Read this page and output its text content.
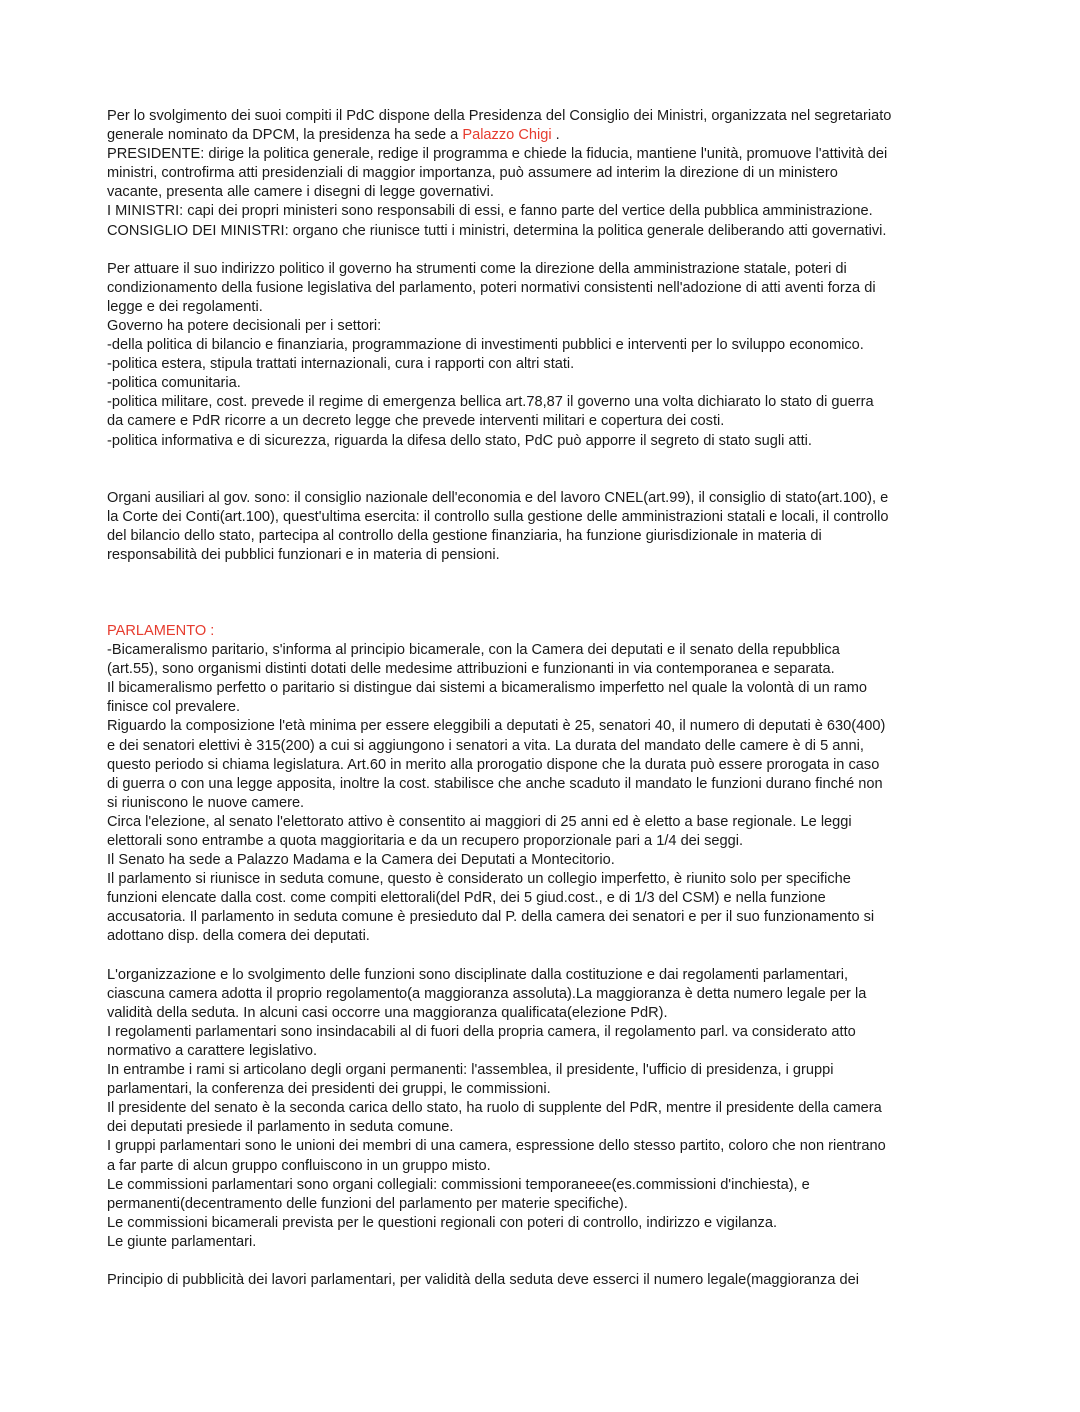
Per lo svolgimento dei suoi compiti il PdC dispone della Presidenza del Consiglio dei Ministri, organizzata nel segretariato
generale nominato da DPCM, la presidenza ha sede a Palazzo Chigi .
PRESIDENTE: dirige la politica generale, redige il programma e chiede la fiducia, mantiene l'unità, promuove l'attività dei
ministri, controfirma atti presidenziali di maggior importanza, può assumere ad interim la direzione di un ministero
vacante, presenta alle camere i disegni di legge governativi.
I MINISTRI: capi dei propri ministeri sono responsabili di essi, e fanno parte del vertice della pubblica amministrazione.
CONSIGLIO DEI MINISTRI: organo che riunisce tutti i ministri, determina la politica generale deliberando atti governativi.
Per attuare il suo indirizzo politico il governo ha strumenti come la direzione della amministrazione statale, poteri di
condizionamento della fusione legislativa del parlamento, poteri normativi consistenti nell'adozione di atti aventi forza di
legge e dei regolamenti.
Governo ha potere decisionali per i settori:
-della politica di bilancio e finanziaria, programmazione di investimenti pubblici e interventi per lo sviluppo economico.
-politica estera, stipula trattati internazionali, cura i rapporti con altri stati.
-politica comunitaria.
-politica militare, cost. prevede il regime di emergenza bellica art.78,87 il governo una volta dichiarato lo stato di guerra
da camere e PdR ricorre a un decreto legge che prevede interventi militari e copertura dei costi.
-politica informativa e di sicurezza, riguarda la difesa dello stato, PdC può apporre il segreto di stato sugli atti.
Organi ausiliari al gov. sono: il consiglio nazionale dell'economia e del lavoro CNEL(art.99), il consiglio di stato(art.100), e
la Corte dei Conti(art.100), quest'ultima esercita: il controllo sulla gestione delle amministrazioni statali e locali, il controllo
del bilancio dello stato, partecipa al controllo della gestione finanziaria, ha funzione giurisdizionale in materia di
responsabilità dei pubblici funzionari e in materia di pensioni.
PARLAMENTO :
-Bicameralismo paritario, s'informa al principio bicamerale, con la Camera dei deputati e il senato della repubblica
(art.55), sono organismi distinti dotati delle medesime attribuzioni e funzionanti in via contemporanea e separata.
Il bicameralismo perfetto o paritario si distingue dai sistemi a bicameralismo imperfetto nel quale la volontà di un ramo
finisce col prevalere.
Riguardo la composizione l'età minima per essere eleggibili a deputati è 25, senatori 40, il numero di deputati è 630(400)
e dei senatori elettivi è 315(200) a cui si aggiungono i senatori a vita. La durata del mandato delle camere è di 5 anni,
questo periodo si chiama legislatura. Art.60 in merito alla prorogatio dispone che la durata può essere prorogata in caso
di guerra o con una legge apposita, inoltre la cost. stabilisce che anche scaduto il mandato le funzioni durano finché non
si riuniscono le nuove camere.
Circa l'elezione, al senato l'elettorato attivo è consentito ai maggiori di 25 anni ed è eletto a base regionale. Le leggi
elettorali sono entrambe a quota maggioritaria e da un recupero proporzionale pari a 1/4 dei seggi.
Il Senato ha sede a Palazzo Madama e la Camera dei Deputati a Montecitorio.
Il parlamento si riunisce in seduta comune, questo è considerato un collegio imperfetto, è riunito solo per specifiche
funzioni elencate dalla cost. come compiti elettorali(del PdR, dei 5 giud.cost., e di 1/3 del CSM) e nella funzione
accusatoria. Il parlamento in seduta comune è presieduto dal P. della camera dei senatori e per il suo funzionamento si
adottano disp. della comera dei deputati.
L'organizzazione e lo svolgimento delle funzioni sono disciplinate dalla costituzione e dai regolamenti parlamentari,
ciascuna camera adotta il proprio regolamento(a maggioranza assoluta).La maggioranza è detta numero legale per la
validità della seduta. In alcuni casi occorre una maggioranza qualificata(elezione PdR).
I regolamenti parlamentari sono insindacabili al di fuori della propria camera, il regolamento parl. va considerato atto
normativo a carattere legislativo.
In entrambe i rami si articolano degli organi permanenti: l'assemblea, il presidente, l'ufficio di presidenza, i gruppi
parlamentari, la conferenza dei presidenti dei gruppi, le commissioni.
Il presidente del senato è la seconda carica dello stato, ha ruolo di supplente del PdR, mentre il presidente della camera
dei deputati presiede il parlamento in seduta comune.
I gruppi parlamentari sono le unioni dei membri di una camera, espressione dello stesso partito, coloro che non rientrano
a far parte di alcun gruppo confluiscono in un gruppo misto.
Le commissioni parlamentari sono organi collegiali: commissioni temporaneee(es.commissioni d'inchiesta), e
permanenti(decentramento delle funzioni del parlamento per materie specifiche).
Le commissioni bicamerali prevista per le questioni regionali con poteri di controllo, indirizzo e vigilanza.
Le giunte parlamentari.
Principio di pubblicità dei lavori parlamentari, per validità della seduta deve esserci il numero legale(maggioranza dei
